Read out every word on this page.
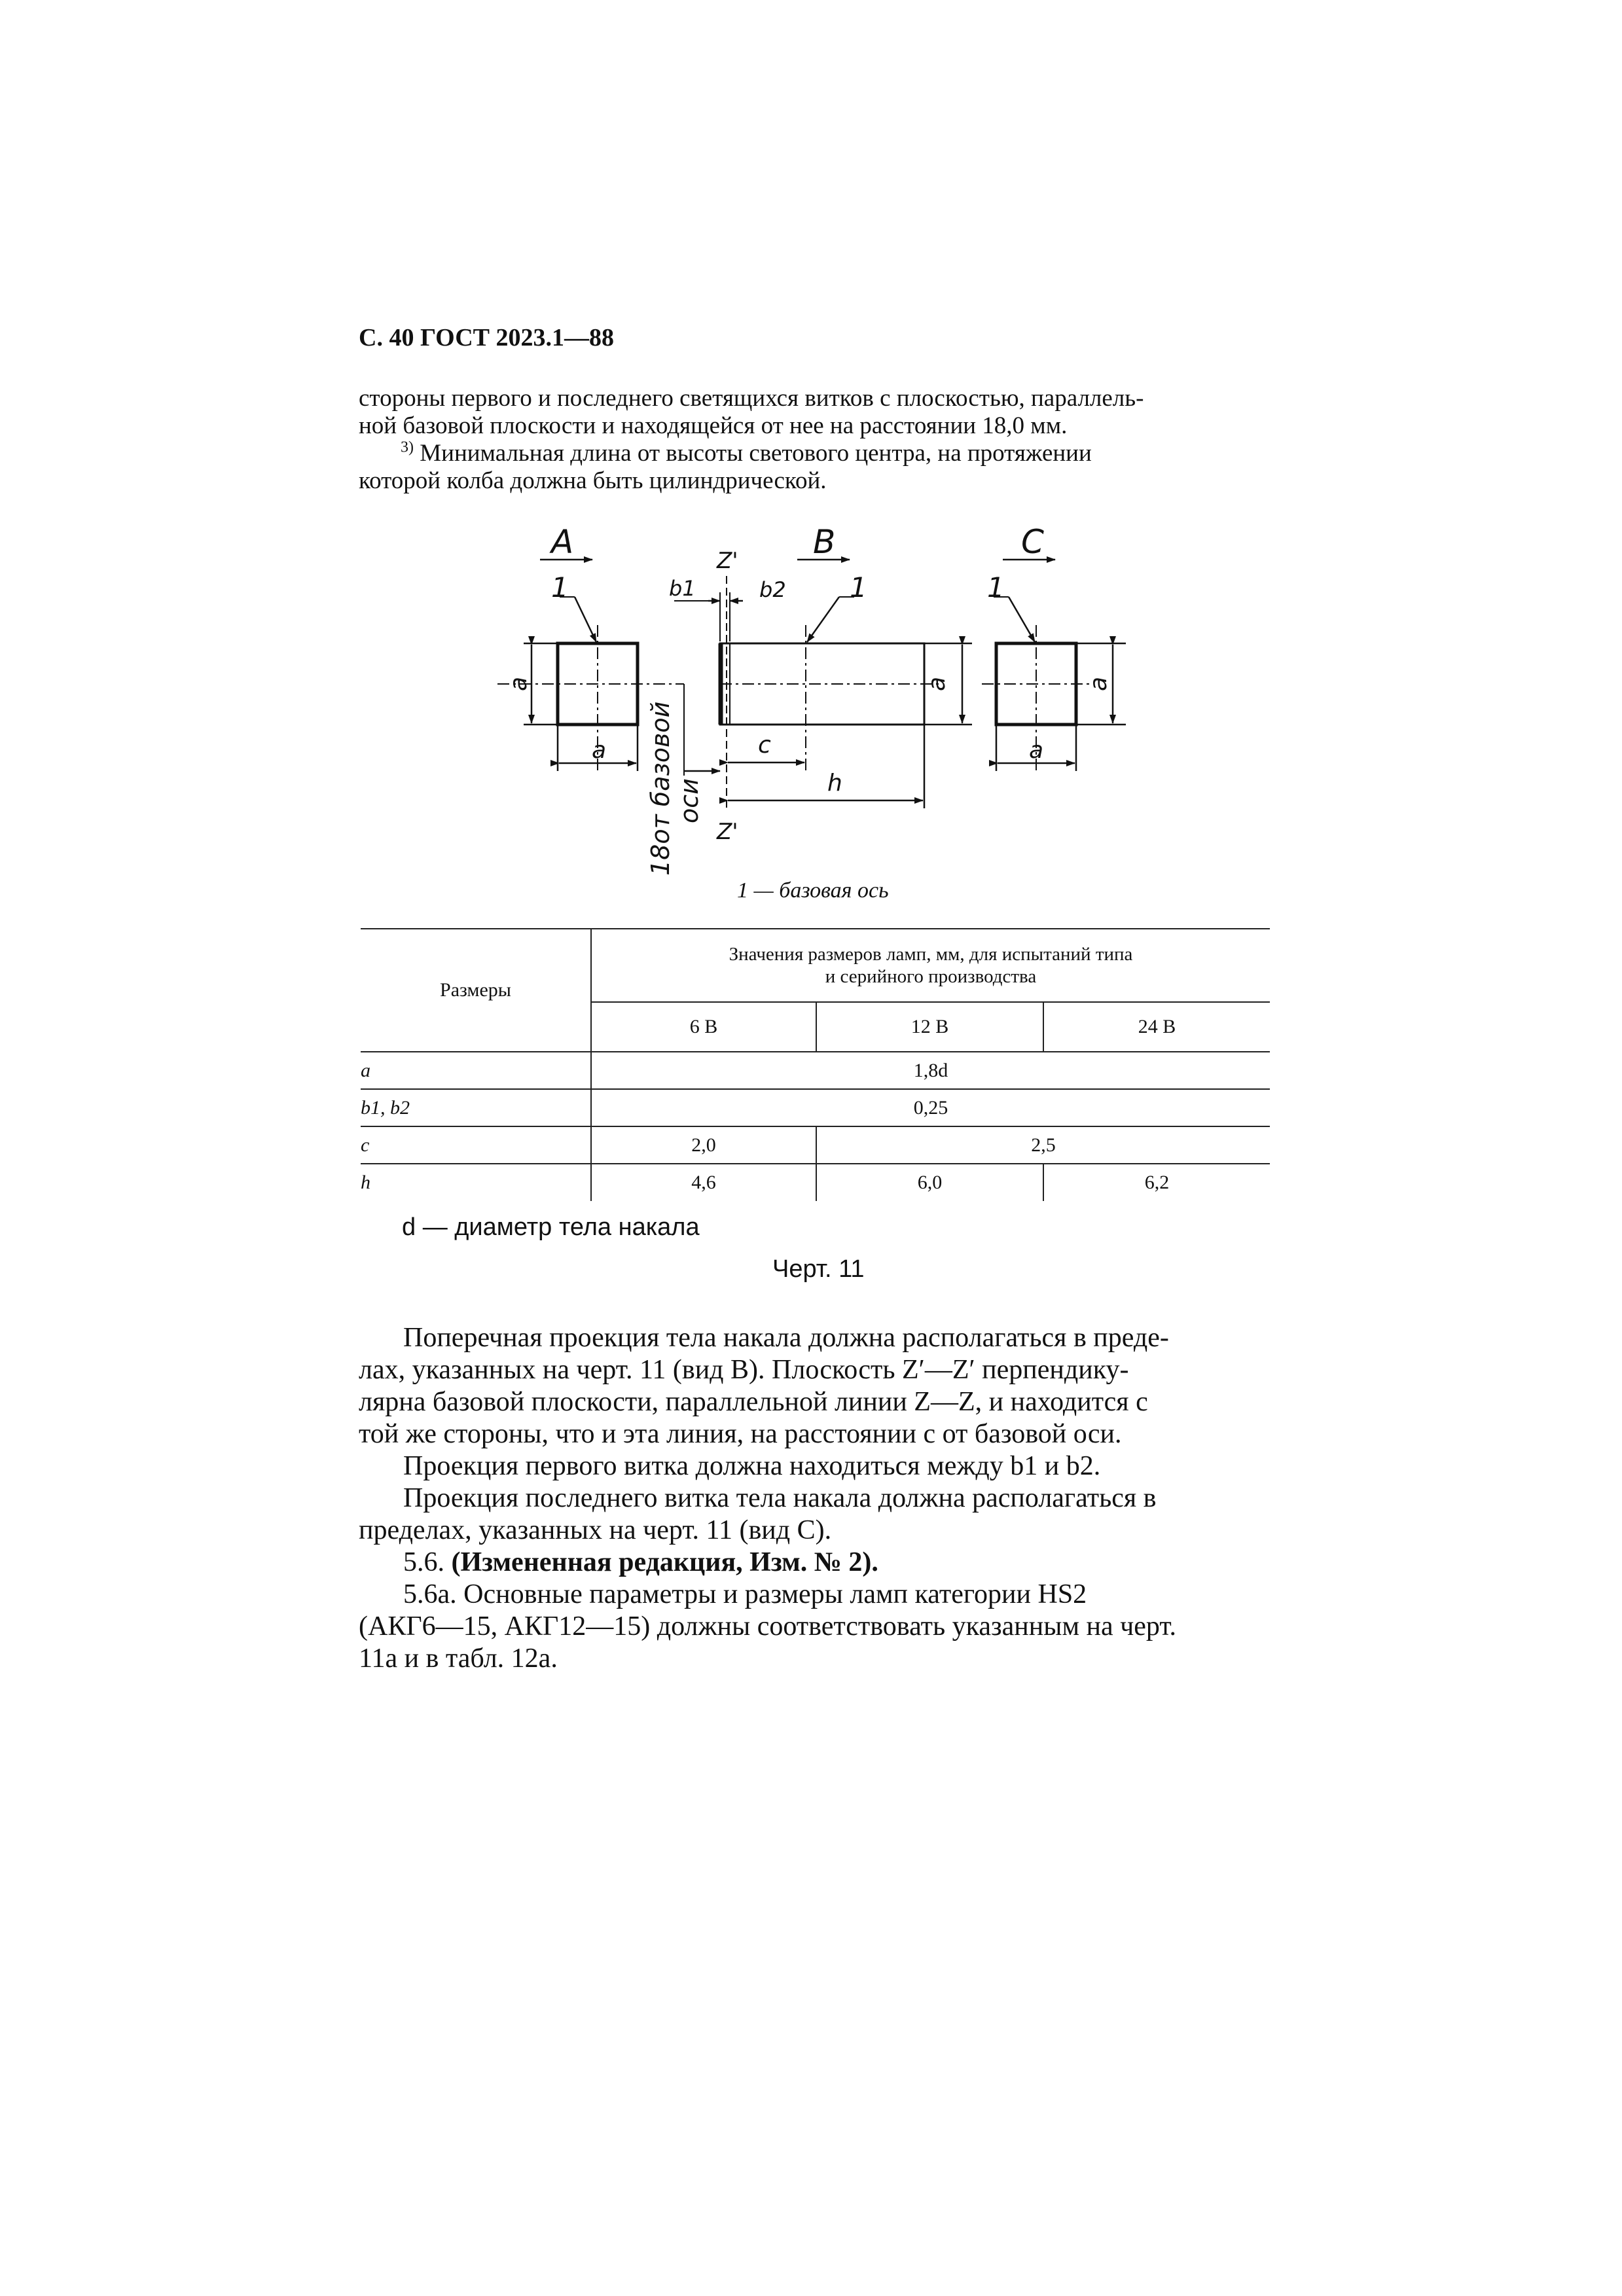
С. 40 ГОСТ 2023.1—88
стороны первого и последнего светящихся витков с плоскостью, параллель-
ной базовой плоскости и находящейся от нее на расстоянии 18,0 мм.
$^{3)}$ Минимальная длина от высоты светового центра, на протяжении
которой колба должна быть цилиндрической.
A	B	C
1	1	1
Z'
Z'
b1	b2
a
a
a	a
a
c
h
18от базовой оси
1 — базовая ось
Размеры	Значения размеров ламп, мм, для испытаний типа
и серийного производства		
	6 В	12 В	24 В
a	1,8d		
b1, b2	0,25		
c	2,0	2,5	
h	4,6	6,0	6,2
d — диаметр тела накала
Черт. 11
Поперечная проекция тела накала должна располагаться в преде-
лах, указанных на черт. 11 (вид B). Плоскость Z′—Z′ перпендику-
лярна базовой плоскости, параллельной линии Z—Z, и находится с
той же стороны, что и эта линия, на расстоянии c от базовой оси.
Проекция первого витка должна находиться между b1 и b2.
Проекция последнего витка тела накала должна располагаться в
пределах, указанных на черт. 11 (вид C).
5.6. (Измененная редакция, Изм. № 2).
5.6а. Основные параметры и размеры ламп категории HS2
(АКГ6—15, АКГ12—15) должны соответствовать указанным на черт.
11а и в табл. 12а.
